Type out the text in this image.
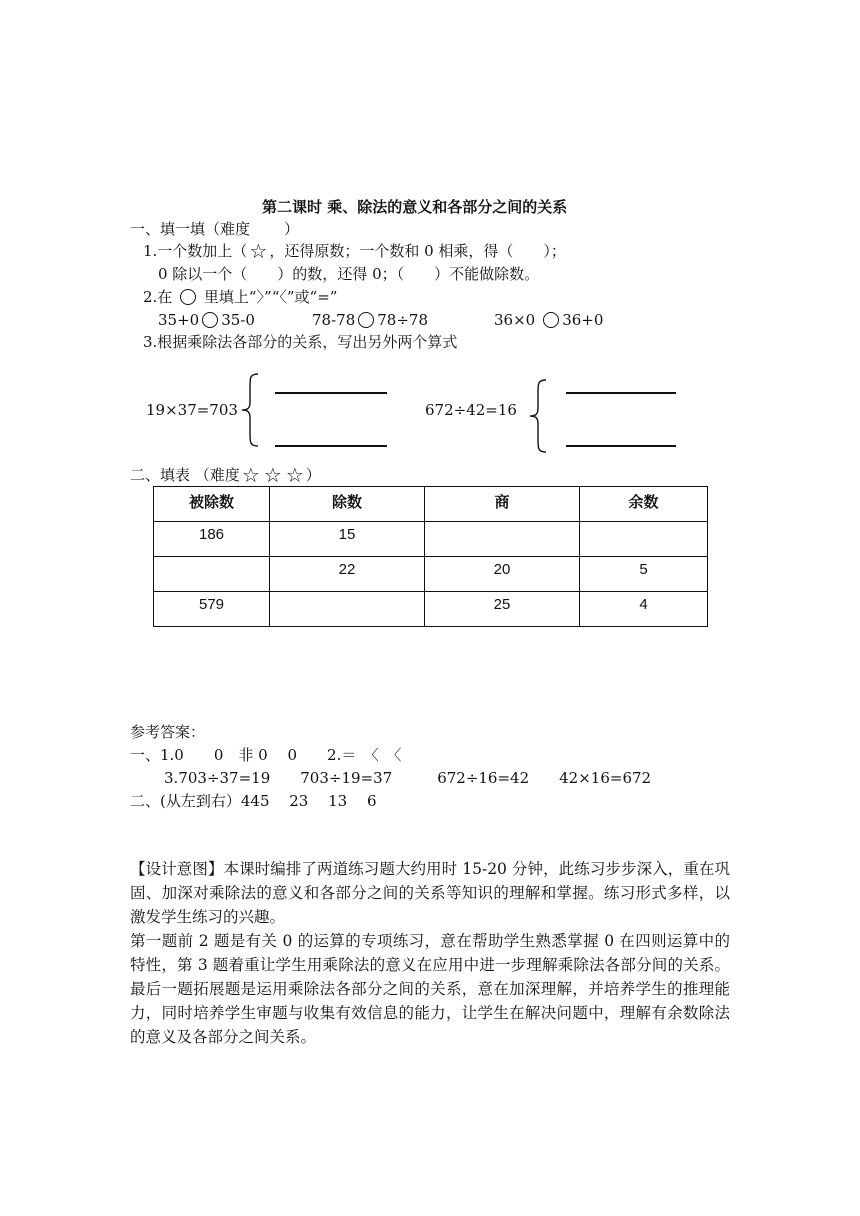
第二课时 乘、除法的意义和各部分之间的关系
一、填一填（难度 ）
1.一个数加上（ ☆ ，还得原数；一个数和 0 相乘，得（　　）；
0 除以一个（　　）的数，还得 0；（　　）不能做除数。
2.在 里填上“〉”“〈”或“=”
35+0 35-0	78-78 78÷78	36×0 36+0
3.根据乘除法各部分的关系，写出另外两个算式
19×37=703	672÷42=16
二、填表 （难度 ☆ ☆ ☆ ）
被除数	除数	商	余数
186	15		
	22	20	5
579		25	4
参考答案：
一、1.0　　0　非 0　 0　　2.＝　〈　〈
3.703÷37=19　　703÷19=37　　　672÷16=42　　42×16=672
二、(从左到右）445　 23　 13　 6
【设计意图】本课时编排了两道练习题大约用时 15-20 分钟，此练习步步深入，重在巩固、加深对乘除法的意义和各部分之间的关系等知识的理解和掌握。练习形式多样，以激发学生练习的兴趣。
第一题前 2 题是有关 0 的运算的专项练习，意在帮助学生熟悉掌握 0 在四则运算中的特性，第 3 题着重让学生用乘除法的意义在应用中进一步理解乘除法各部分间的关系。最后一题拓展题是运用乘除法各部分之间的关系，意在加深理解，并培养学生的推理能力，同时培养学生审题与收集有效信息的能力，让学生在解决问题中，理解有余数除法的意义及各部分之间关系。
